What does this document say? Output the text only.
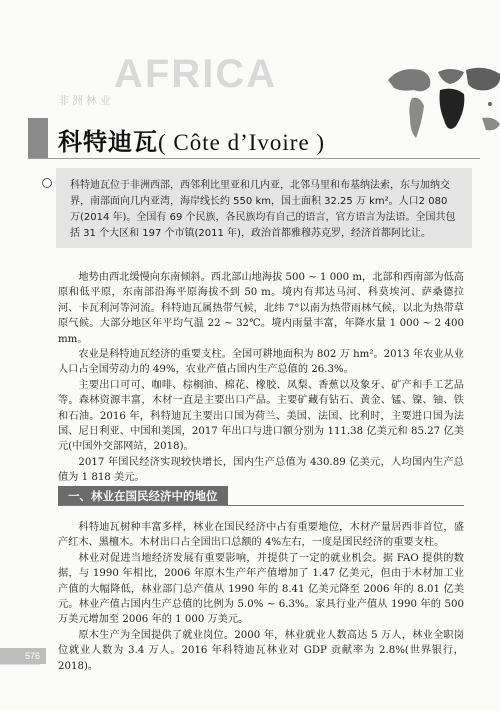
AFRICA
非洲林业
科特迪瓦( Côte d’Ivoire )
科特迪瓦位于非洲西部，西邻利比里亚和几内亚，北邻马里和布基纳法索，东与加纳交界，南部面向几内亚湾，海岸线长约 550 km，国土面积 32.25 万 km²。人口2 080 万(2014 年)。全国有 69 个民族，各民族均有自己的语言，官方语言为法语。全国共包括 31 个大区和 197 个市镇(2011 年)，政治首都雅穆苏克罗，经济首都阿比让。

地势由西北缓慢向东南倾斜。西北部山地海拔 500 ~ 1 000 m，北部和西南部为低高原和低平原，东南部沿海平原海拔不到 50 m。境内有邦达马河、科莫埃河、萨桑德拉河、卡瓦利河等河流。科特迪瓦属热带气候，北纬 7°以南为热带雨林气候，以北为热带草原气候。大部分地区年平均气温 22 ~ 32℃。境内雨量丰富，年降水量 1 000 ~ 2 400 mm。

农业是科特迪瓦经济的重要支柱。全国可耕地面积为 802 万 hm²。2013 年农业从业人口占全国劳动力的 49%，农业产值占国内生产总值的 26.3%。

主要出口可可、咖啡、棕榈油、棉花、橡胶、凤梨、香蕉以及象牙、矿产和手工艺品等。森林资源丰富，木材一直是主要出口产品。主要矿藏有钻石、黄金、锰、镍、铀、铁和石油。2016 年，科特迪瓦主要出口国为荷兰、美国、法国、比利时，主要进口国为法国、尼日利亚、中国和美国，2017 年出口与进口额分别为 111.38 亿美元和 85.27 亿美元(中国外交部网站，2018)。

2017 年国民经济实现较快增长，国内生产总值为 430.89 亿美元，人均国内生产总值为 1 818 美元。

一、林业在国民经济中的地位

科特迪瓦树种丰富多样，林业在国民经济中占有重要地位，木材产量居西非首位，盛产红木、黑檀木。木材出口占全国出口总额的 4%左右，一度是国民经济的重要支柱。

林业对促进当地经济发展有重要影响，并提供了一定的就业机会。据 FAO 提供的数据，与 1990 年相比，2006 年原木生产年产值增加了 1.47 亿美元，但由于木材加工业产值的大幅降低，林业部门总产值从 1990 年的 8.41 亿美元降至 2006 年的 8.01 亿美元。林业产值占国内生产总值的比例为 5.0% ~ 6.3%。家具行业产值从 1990 年的 500 万美元增加至 2006 年的 1 000 万美元。

原木生产为全国提供了就业岗位。2000 年，林业就业人数高达 5 万人，林业全职岗位就业人数为 3.4 万人。2016 年科特迪瓦林业对 GDP 贡献率为 2.8%(世界银行，2018)。

576
